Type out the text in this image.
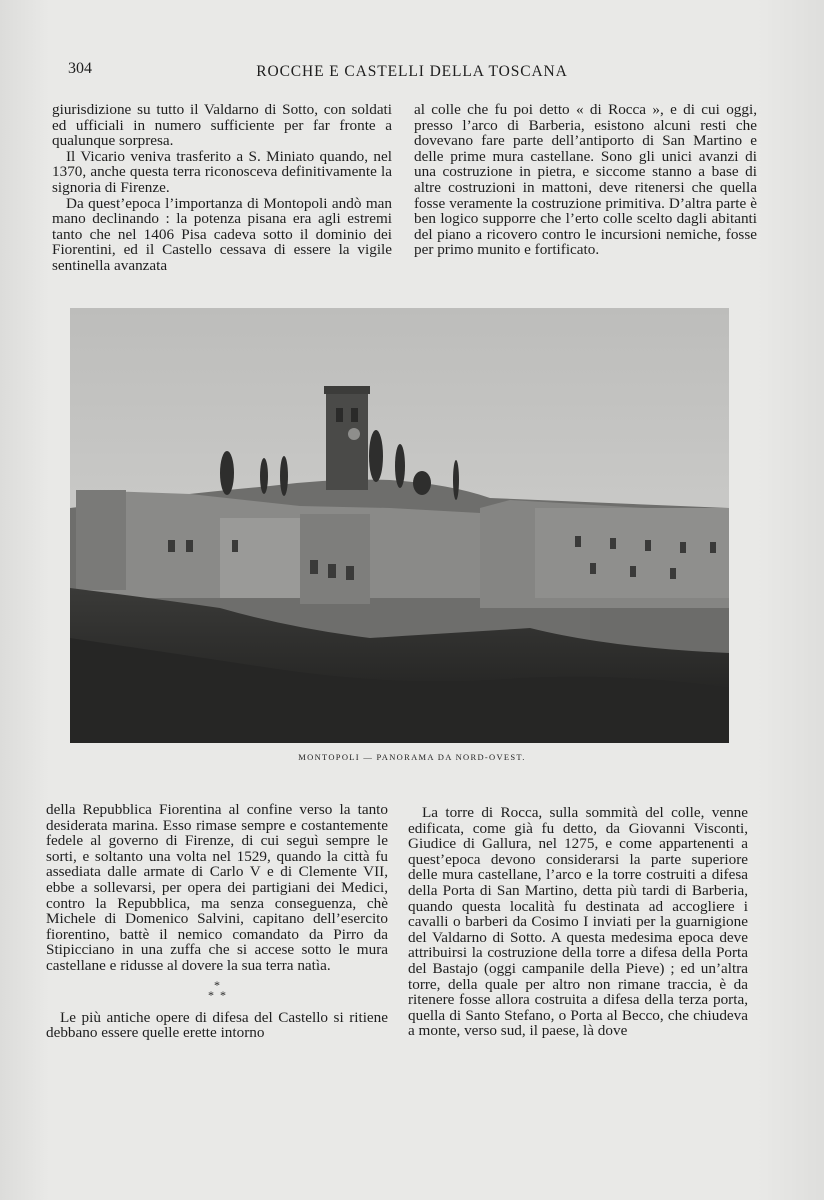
304	ROCCHE E CASTELLI DELLA TOSCANA

giurisdizione su tutto il Valdarno di Sotto, con soldati ed ufficiali in numero sufficiente per far fronte a qualunque sorpresa.

Il Vicario veniva trasferito a S. Miniato quando, nel 1370, anche questa terra riconosceva definitivamente la signoria di Firenze.

Da quest’epoca l’importanza di Montopoli andò man mano declinando : la potenza pisana era agli estremi tanto che nel 1406 Pisa cadeva sotto il dominio dei Fiorentini, ed il Castello cessava di essere la vigile sentinella avanzata

al colle che fu poi detto « di Rocca », e di cui oggi, presso l’arco di Barberia, esistono alcuni resti che dovevano fare parte dell’antiporto di San Martino e delle prime mura castellane. Sono gli unici avanzi di una costruzione in pietra, e siccome stanno a base di altre costruzioni in mattoni, deve ritenersi che quella fosse veramente la costruzione primitiva. D’altra parte è ben logico supporre che l’erto colle scelto dagli abitanti del piano a ricovero contro le incursioni nemiche, fosse per primo munito e fortificato.

MONTOPOLI — PANORAMA DA NORD-OVEST.

della Repubblica Fiorentina al confine verso la tanto desiderata marina. Esso rimase sempre e costantemente fedele al governo di Firenze, di cui seguì sempre le sorti, e soltanto una volta nel 1529, quando la città fu assediata dalle armate di Carlo V e di Clemente VII, ebbe a sollevarsi, per opera dei partigiani dei Medici, contro la Repubblica, ma senza conseguenza, chè Michele di Domenico Salvini, capitano dell’esercito fiorentino, battè il nemico comandato da Pirro da Stipicciano in una zuffa che si accese sotto le mura castellane e ridusse al dovere la sua terra natìa.

*
*  *

Le più antiche opere di difesa del Castello si ritiene debbano essere quelle erette intorno

La torre di Rocca, sulla sommità del colle, venne edificata, come già fu detto, da Giovanni Visconti, Giudice di Gallura, nel 1275, e come appartenenti a quest’epoca devono considerarsi la parte superiore delle mura castellane, l’arco e la torre costruiti a difesa della Porta di San Martino, detta più tardi di Barberia, quando questa località fu destinata ad accogliere i cavalli o barberi da Cosimo I inviati per la guarnigione del Valdarno di Sotto. A questa medesima epoca deve attribuirsi la costruzione della torre a difesa della Porta del Bastajo (oggi campanile della Pieve) ; ed un’altra torre, della quale per altro non rimane traccia, è da ritenere fosse allora costruita a difesa della terza porta, quella di Santo Stefano, o Porta al Becco, che chiudeva a monte, verso sud, il paese, là dove
